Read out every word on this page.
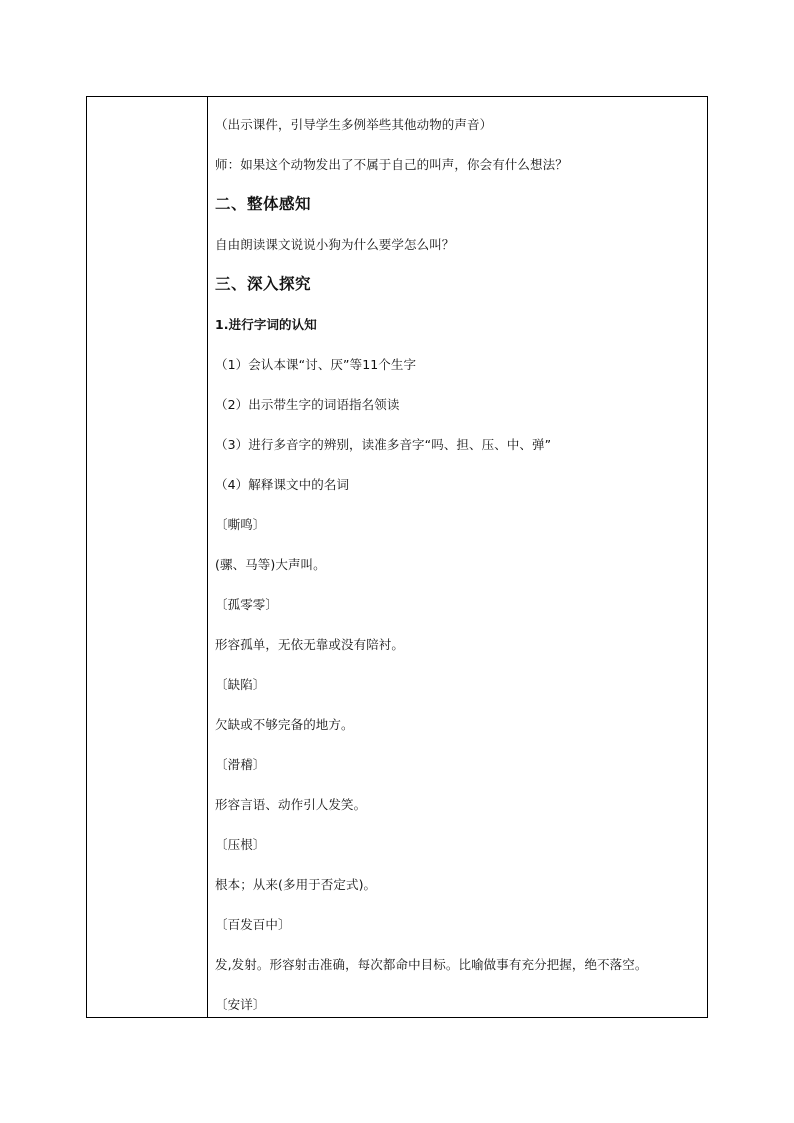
（出示课件，引导学生多例举些其他动物的声音）
师：如果这个动物发出了不属于自己的叫声，你会有什么想法？
二、整体感知
自由朗读课文说说小狗为什么要学怎么叫？
三、深入探究
1.进行字词的认知
（1）会认本课“讨、厌”等11个生字
（2）出示带生字的词语指名领读
（3）进行多音字的辨别，读准多音字“吗、担、压、中、弹”
（4）解释课文中的名词
〔嘶鸣〕
(骡、马等)大声叫。
〔孤零零〕
形容孤单，无依无靠或没有陪衬。
〔缺陷〕
欠缺或不够完备的地方。
〔滑稽〕
形容言语、动作引人发笑。
〔压根〕
根本；从来(多用于否定式)。
〔百发百中〕
发,发射。形容射击准确，每次都命中目标。比喻做事有充分把握，绝不落空。
〔安详〕
